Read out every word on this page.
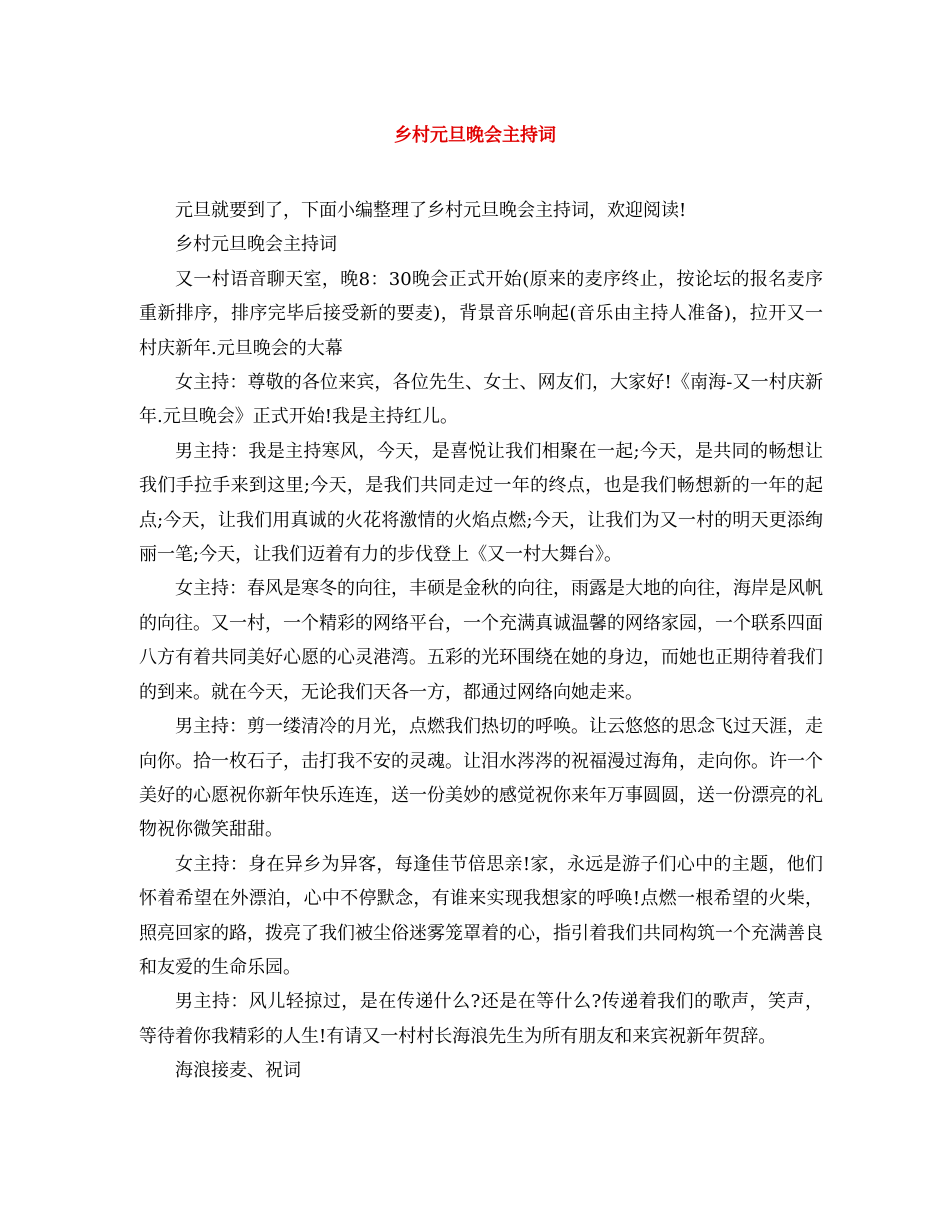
乡村元旦晚会主持词

元旦就要到了，下面小编整理了乡村元旦晚会主持词，欢迎阅读!

乡村元旦晚会主持词

又一村语音聊天室，晚8：30晚会正式开始(原来的麦序终止，按论坛的报名麦序重新排序，排序完毕后接受新的要麦)，背景音乐响起(音乐由主持人准备)，拉开又一村庆新年.元旦晚会的大幕

女主持：尊敬的各位来宾，各位先生、女士、网友们，大家好!《南海-又一村庆新年.元旦晚会》正式开始!我是主持红儿。

男主持：我是主持寒风，今天，是喜悦让我们相聚在一起;今天，是共同的畅想让我们手拉手来到这里;今天，是我们共同走过一年的终点，也是我们畅想新的一年的起点;今天，让我们用真诚的火花将激情的火焰点燃;今天，让我们为又一村的明天更添绚丽一笔;今天，让我们迈着有力的步伐登上《又一村大舞台》。

女主持：春风是寒冬的向往，丰硕是金秋的向往，雨露是大地的向往，海岸是风帆的向往。又一村，一个精彩的网络平台，一个充满真诚温馨的网络家园，一个联系四面八方有着共同美好心愿的心灵港湾。五彩的光环围绕在她的身边，而她也正期待着我们的到来。就在今天，无论我们天各一方，都通过网络向她走来。

男主持：剪一缕清冷的月光，点燃我们热切的呼唤。让云悠悠的思念飞过天涯，走向你。拾一枚石子，击打我不安的灵魂。让泪水涔涔的祝福漫过海角，走向你。许一个美好的心愿祝你新年快乐连连，送一份美妙的感觉祝你来年万事圆圆，送一份漂亮的礼物祝你微笑甜甜。

女主持：身在异乡为异客，每逢佳节倍思亲!家，永远是游子们心中的主题，他们怀着希望在外漂泊，心中不停默念，有谁来实现我想家的呼唤!点燃一根希望的火柴，照亮回家的路，拨亮了我们被尘俗迷雾笼罩着的心，指引着我们共同构筑一个充满善良和友爱的生命乐园。

男主持：风儿轻掠过，是在传递什么?还是在等什么?传递着我们的歌声，笑声，等待着你我精彩的人生!有请又一村村长海浪先生为所有朋友和来宾祝新年贺辞。

海浪接麦、祝词
